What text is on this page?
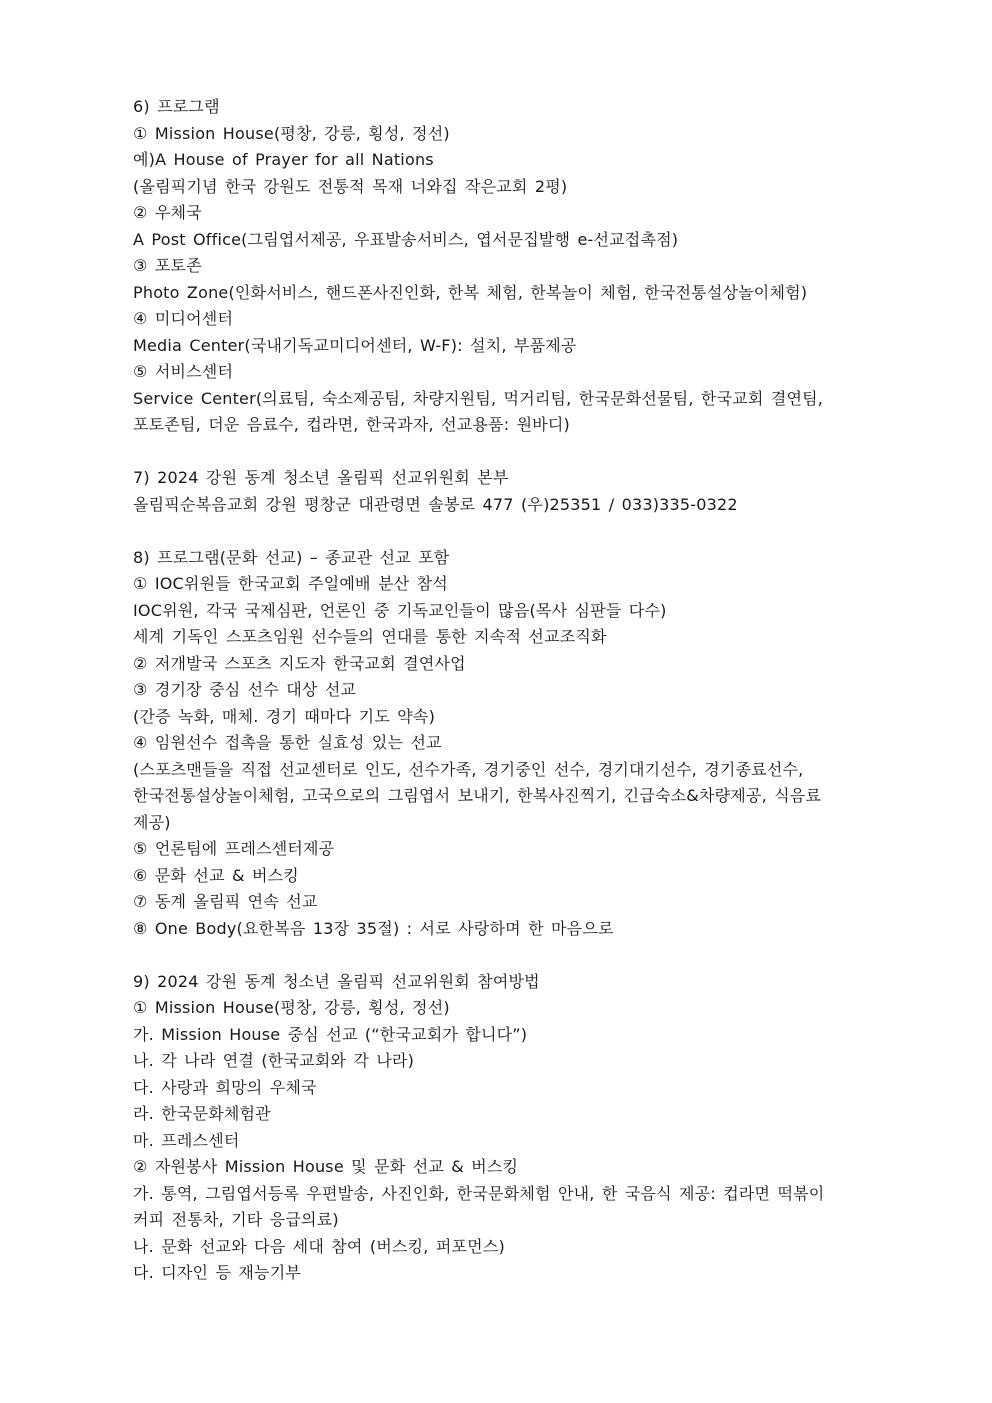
6) 프로그램

① Mission House(평창, 강릉, 횡성, 정선)

예)A House of Prayer for all Nations

(올림픽기념 한국 강원도 전통적 목재 너와집 작은교회 2평)

② 우체국

A Post Office(그림엽서제공, 우표발송서비스, 엽서문집발행 e-선교접촉점)

③ 포토존

Photo Zone(인화서비스, 핸드폰사진인화, 한복 체험, 한복놀이 체험, 한국전통설상놀이체험)

④ 미디어센터

Media Center(국내기독교미디어센터, W-F): 설치, 부품제공

⑤ 서비스센터

Service Center(의료팀, 숙소제공팀, 차량지원팀, 먹거리팀, 한국문화선물팀, 한국교회 결연팀,

포토존팀, 더운 음료수, 컵라면, 한국과자, 선교용품: 원바디)

7) 2024 강원 동계 청소년 올림픽 선교위원회 본부

올림픽순복음교회 강원 평창군 대관령면 솔봉로 477 (우)25351 / 033)335-0322

8) 프로그램(문화 선교) – 종교관 선교 포함

① IOC위원들 한국교회 주일예배 분산 참석

IOC위원, 각국 국제심판, 언론인 중 기독교인들이 많음(목사 심판들 다수)

세계 기독인 스포츠임원 선수들의 연대를 통한 지속적 선교조직화

② 저개발국 스포츠 지도자 한국교회 결연사업

③ 경기장 중심 선수 대상 선교

(간증 녹화, 매체. 경기 때마다 기도 약속)

④ 임원선수 접촉을 통한 실효성 있는 선교

(스포츠맨들을 직접 선교센터로 인도, 선수가족, 경기중인 선수, 경기대기선수, 경기종료선수,

한국전통설상놀이체험, 고국으로의 그림엽서 보내기, 한복사진찍기, 긴급숙소&차량제공, 식음료

제공)

⑤ 언론팀에 프레스센터제공

⑥ 문화 선교 & 버스킹

⑦ 동계 올림픽 연속 선교

⑧ One Body(요한복음 13장 35절) : 서로 사랑하며 한 마음으로

9) 2024 강원 동계 청소년 올림픽 선교위원회 참여방법

① Mission House(평창, 강릉, 횡성, 정선)

가. Mission House 중심 선교 (“한국교회가 합니다”)

나. 각 나라 연결 (한국교회와 각 나라)

다. 사랑과 희망의 우체국

라. 한국문화체험관

마. 프레스센터

② 자원봉사 Mission House 및 문화 선교 & 버스킹

가. 통역, 그림엽서등록 우편발송, 사진인화, 한국문화체험 안내, 한 국음식 제공: 컵라면 떡볶이

커피 전통차, 기타 응급의료)

나. 문화 선교와 다음 세대 참여 (버스킹, 퍼포먼스)

다. 디자인 등 재능기부
